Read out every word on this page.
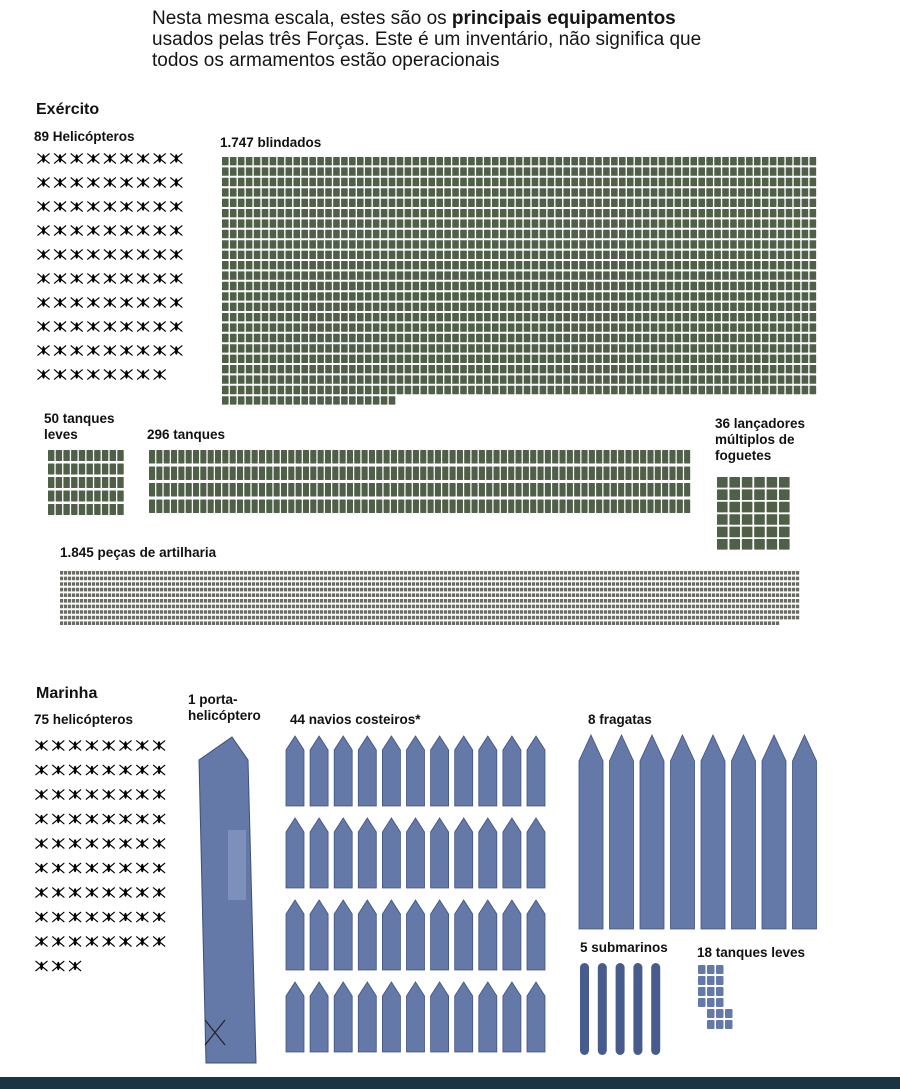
Nesta mesma escala, estes são os principais equipamentos usados pelas três Forças. Este é um inventário, não significa que todos os armamentos estão operacionais
Exército
Marinha
89 Helicópteros	1.747 blindados
50 tanques leves	296 tanques
36 lançadores múltiplos de foguetes
1.845 peças de artilharia
75 helicópteros
1 porta-helicóptero	44 navios costeiros*	8 fragatas
5 submarinos 18 tanques leves
